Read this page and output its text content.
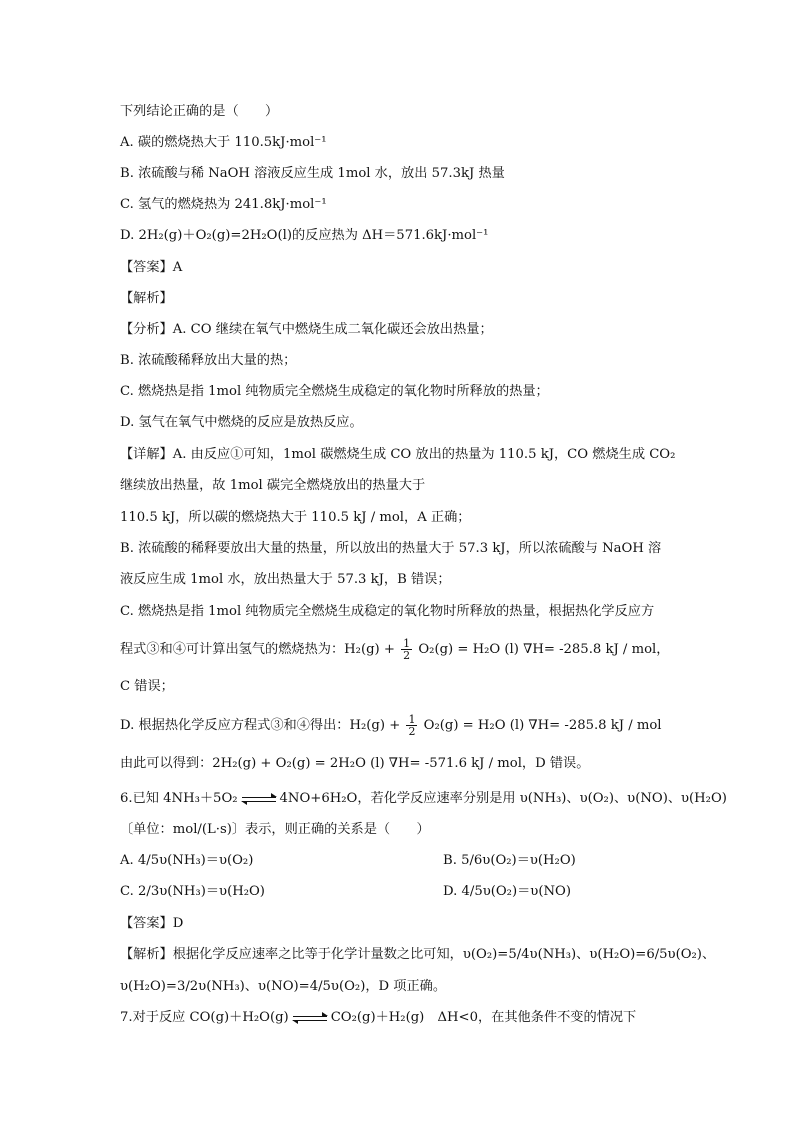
下列结论正确的是（　　）
A. 碳的燃烧热大于 110.5kJ·mol⁻¹
B. 浓硫酸与稀 NaOH 溶液反应生成 1mol 水，放出 57.3kJ 热量
C. 氢气的燃烧热为 241.8kJ·mol⁻¹
D. 2H₂(g)＋O₂(g)=2H₂O(l)的反应热为 ΔH＝571.6kJ·mol⁻¹
【答案】A
【解析】
【分析】A. CO 继续在氧气中燃烧生成二氧化碳还会放出热量；
B. 浓硫酸稀释放出大量的热；
C. 燃烧热是指 1mol 纯物质完全燃烧生成稳定的氧化物时所释放的热量；
D. 氢气在氧气中燃烧的反应是放热反应。
【详解】A. 由反应①可知，1mol 碳燃烧生成 CO 放出的热量为 110.5 kJ，CO 燃烧生成 CO₂
继续放出热量，故 1mol 碳完全燃烧放出的热量大于
110.5 kJ，所以碳的燃烧热大于 110.5 kJ / mol，A 正确；
B. 浓硫酸的稀释要放出大量的热量，所以放出的热量大于 57.3 kJ，所以浓硫酸与 NaOH 溶
液反应生成 1mol 水，放出热量大于 57.3 kJ，B 错误；
C. 燃烧热是指 1mol 纯物质完全燃烧生成稳定的氧化物时所释放的热量，根据热化学反应方
程式③和④可计算出氢气的燃烧热为：$H_2(g) + \frac{1}{2} O_2(g) = H_2O$ (l) ∇H= -285.8 kJ / mol，
C 错误；
D. 根据热化学反应方程式③和④得出：$H_2(g) + \frac{1}{2} O_2(g) = H_2O$ (l) ∇H= -285.8 kJ / mol
由此可以得到：2H₂(g) + O₂(g) = 2H₂O (l) ∇H= -571.6 kJ / mol，D 错误。
6.已知 4NH₃＋5O₂	4NO+6H₂O，若化学反应速率分别是用 υ(NH₃)、υ(O₂)、υ(NO)、υ(H₂O)
〔单位：mol/(L·s)〕表示，则正确的关系是（　　）
A. 4/5υ(NH₃)＝υ(O₂)	B. 5/6υ(O₂)＝υ(H₂O)
C. 2/3υ(NH₃)＝υ(H₂O)	D. 4/5υ(O₂)＝υ(NO)
【答案】D
【解析】根据化学反应速率之比等于化学计量数之比可知，υ(O₂)=5/4υ(NH₃)、υ(H₂O)=6/5υ(O₂)、
υ(H₂O)=3/2υ(NH₃)、υ(NO)=4/5υ(O₂)，D 项正确。
7.对于反应 CO(g)＋H₂O(g)	CO₂(g)＋H₂(g)　ΔH<0，在其他条件不变的情况下
